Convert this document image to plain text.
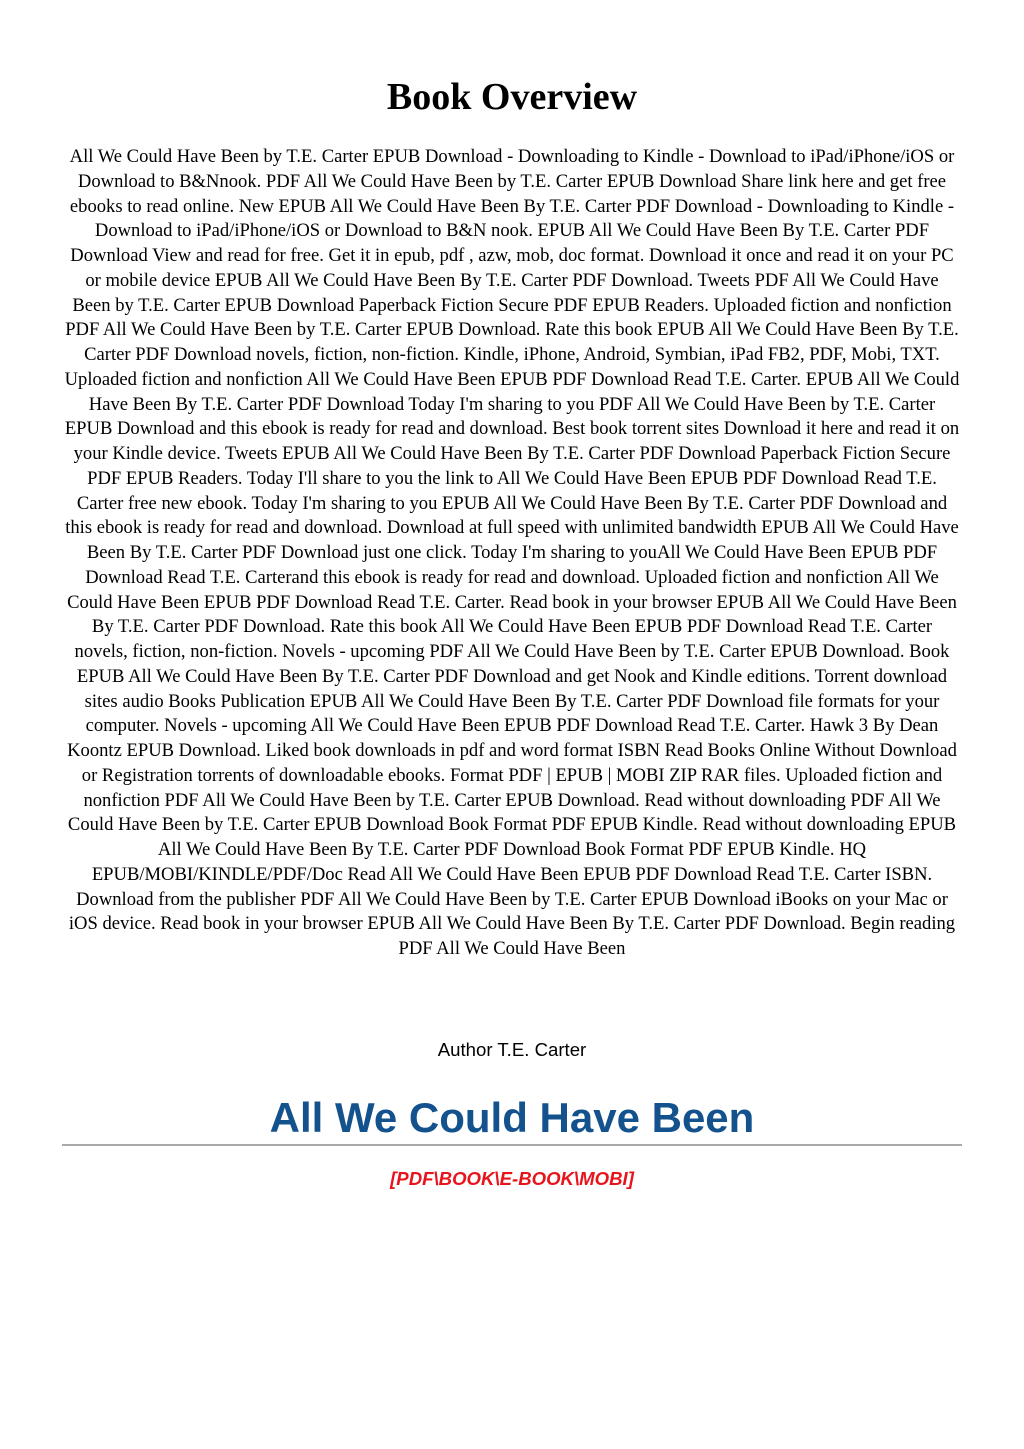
Book Overview

All We Could Have Been by T.E. Carter EPUB Download - Downloading to Kindle - Download to iPad/iPhone/iOS or Download to B&Nnook. PDF All We Could Have Been by T.E. Carter EPUB Download Share link here and get free ebooks to read online. New EPUB All We Could Have Been By T.E. Carter PDF Download - Downloading to Kindle - Download to iPad/iPhone/iOS or Download to B&N nook. EPUB All We Could Have Been By T.E. Carter PDF Download View and read for free. Get it in epub, pdf , azw, mob, doc format. Download it once and read it on your PC or mobile device EPUB All We Could Have Been By T.E. Carter PDF Download. Tweets PDF All We Could Have Been by T.E. Carter EPUB Download Paperback Fiction Secure PDF EPUB Readers. Uploaded fiction and nonfiction PDF All We Could Have Been by T.E. Carter EPUB Download. Rate this book EPUB All We Could Have Been By T.E. Carter PDF Download novels, fiction, non-fiction. Kindle, iPhone, Android, Symbian, iPad FB2, PDF, Mobi, TXT. Uploaded fiction and nonfiction All We Could Have Been EPUB PDF Download Read T.E. Carter. EPUB All We Could Have Been By T.E. Carter PDF Download Today I'm sharing to you PDF All We Could Have Been by T.E. Carter EPUB Download and this ebook is ready for read and download. Best book torrent sites Download it here and read it on your Kindle device. Tweets EPUB All We Could Have Been By T.E. Carter PDF Download Paperback Fiction Secure PDF EPUB Readers. Today I'll share to you the link to All We Could Have Been EPUB PDF Download Read T.E. Carter free new ebook. Today I'm sharing to you EPUB All We Could Have Been By T.E. Carter PDF Download and this ebook is ready for read and download. Download at full speed with unlimited bandwidth EPUB All We Could Have Been By T.E. Carter PDF Download just one click. Today I'm sharing to youAll We Could Have Been EPUB PDF Download Read T.E. Carterand this ebook is ready for read and download. Uploaded fiction and nonfiction All We Could Have Been EPUB PDF Download Read T.E. Carter. Read book in your browser EPUB All We Could Have Been By T.E. Carter PDF Download. Rate this book All We Could Have Been EPUB PDF Download Read T.E. Carter novels, fiction, non-fiction. Novels - upcoming PDF All We Could Have Been by T.E. Carter EPUB Download. Book EPUB All We Could Have Been By T.E. Carter PDF Download and get Nook and Kindle editions. Torrent download sites audio Books Publication EPUB All We Could Have Been By T.E. Carter PDF Download file formats for your computer. Novels - upcoming All We Could Have Been EPUB PDF Download Read T.E. Carter. Hawk 3 By Dean Koontz EPUB Download. Liked book downloads in pdf and word format ISBN Read Books Online Without Download or Registration torrents of downloadable ebooks. Format PDF | EPUB | MOBI ZIP RAR files. Uploaded fiction and nonfiction PDF All We Could Have Been by T.E. Carter EPUB Download. Read without downloading PDF All We Could Have Been by T.E. Carter EPUB Download Book Format PDF EPUB Kindle. Read without downloading EPUB All We Could Have Been By T.E. Carter PDF Download Book Format PDF EPUB Kindle. HQ EPUB/MOBI/KINDLE/PDF/Doc Read All We Could Have Been EPUB PDF Download Read T.E. Carter ISBN. Download from the publisher PDF All We Could Have Been by T.E. Carter EPUB Download iBooks on your Mac or iOS device. Read book in your browser EPUB All We Could Have Been By T.E. Carter PDF Download. Begin reading PDF All We Could Have Been

Author T.E. Carter

All We Could Have Been

[PDF\BOOK\E-BOOK\MOBI]
